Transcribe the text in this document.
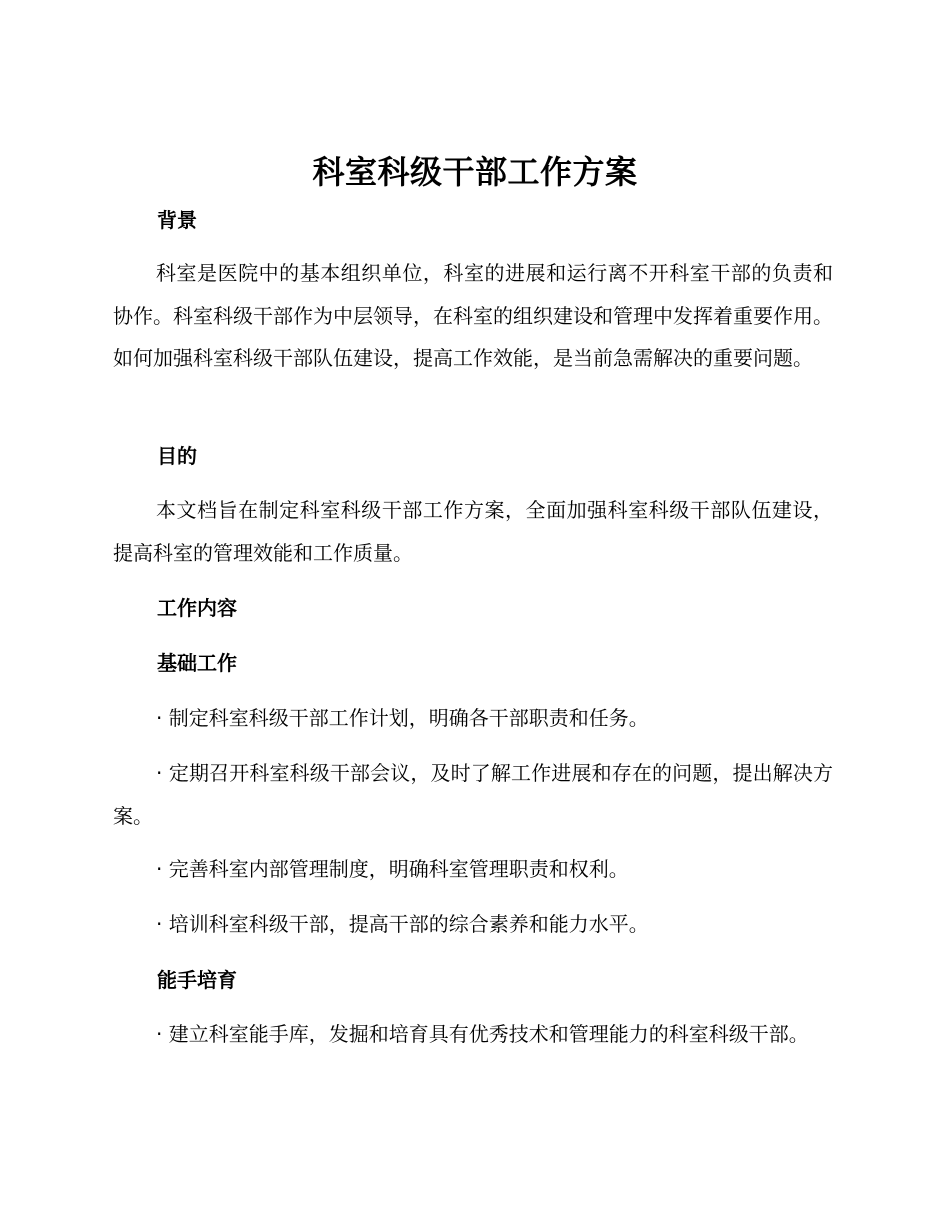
科室科级干部工作方案
背景

科室是医院中的基本组织单位，科室的进展和运行离不开科室干部的负责和协作。科室科级干部作为中层领导，在科室的组织建设和管理中发挥着重要作用。如何加强科室科级干部队伍建设，提高工作效能，是当前急需解决的重要问题。

目的

本文档旨在制定科室科级干部工作方案，全面加强科室科级干部队伍建设，提高科室的管理效能和工作质量。

工作内容
基础工作

· 制定科室科级干部工作计划，明确各干部职责和任务。

· 定期召开科室科级干部会议，及时了解工作进展和存在的问题，提出解决方案。

· 完善科室内部管理制度，明确科室管理职责和权利。

· 培训科室科级干部，提高干部的综合素养和能力水平。

能手培育

· 建立科室能手库，发掘和培育具有优秀技术和管理能力的科室科级干部。
